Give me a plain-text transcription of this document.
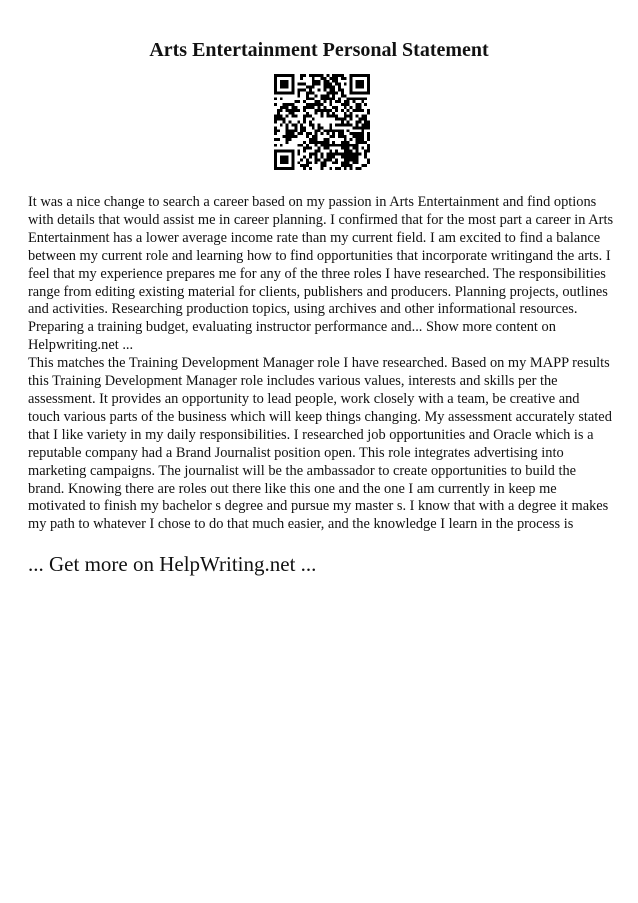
Arts Entertainment Personal Statement

It was a nice change to search a career based on my passion in Arts Entertainment and find options with details that would assist me in career planning. I confirmed that for the most part a career in Arts Entertainment has a lower average income rate than my current field. I am excited to find a balance between my current role and learning how to find opportunities that incorporate writingand the arts. I feel that my experience prepares me for any of the three roles I have researched. The responsibilities range from editing existing material for clients, publishers and producers. Planning projects, outlines and activities. Researching production topics, using archives and other informational resources. Preparing a training budget, evaluating instructor performance and... Show more content on Helpwriting.net ...

This matches the Training Development Manager role I have researched. Based on my MAPP results this Training Development Manager role includes various values, interests and skills per the assessment. It provides an opportunity to lead people, work closely with a team, be creative and touch various parts of the business which will keep things changing. My assessment accurately stated that I like variety in my daily responsibilities. I researched job opportunities and Oracle which is a reputable company had a Brand Journalist position open. This role integrates advertising into marketing campaigns. The journalist will be the ambassador to create opportunities to build the brand. Knowing there are roles out there like this one and the one I am currently in keep me motivated to finish my bachelor s degree and pursue my master s. I know that with a degree it makes my path to whatever I chose to do that much easier, and the knowledge I learn in the process is

... Get more on HelpWriting.net ...
